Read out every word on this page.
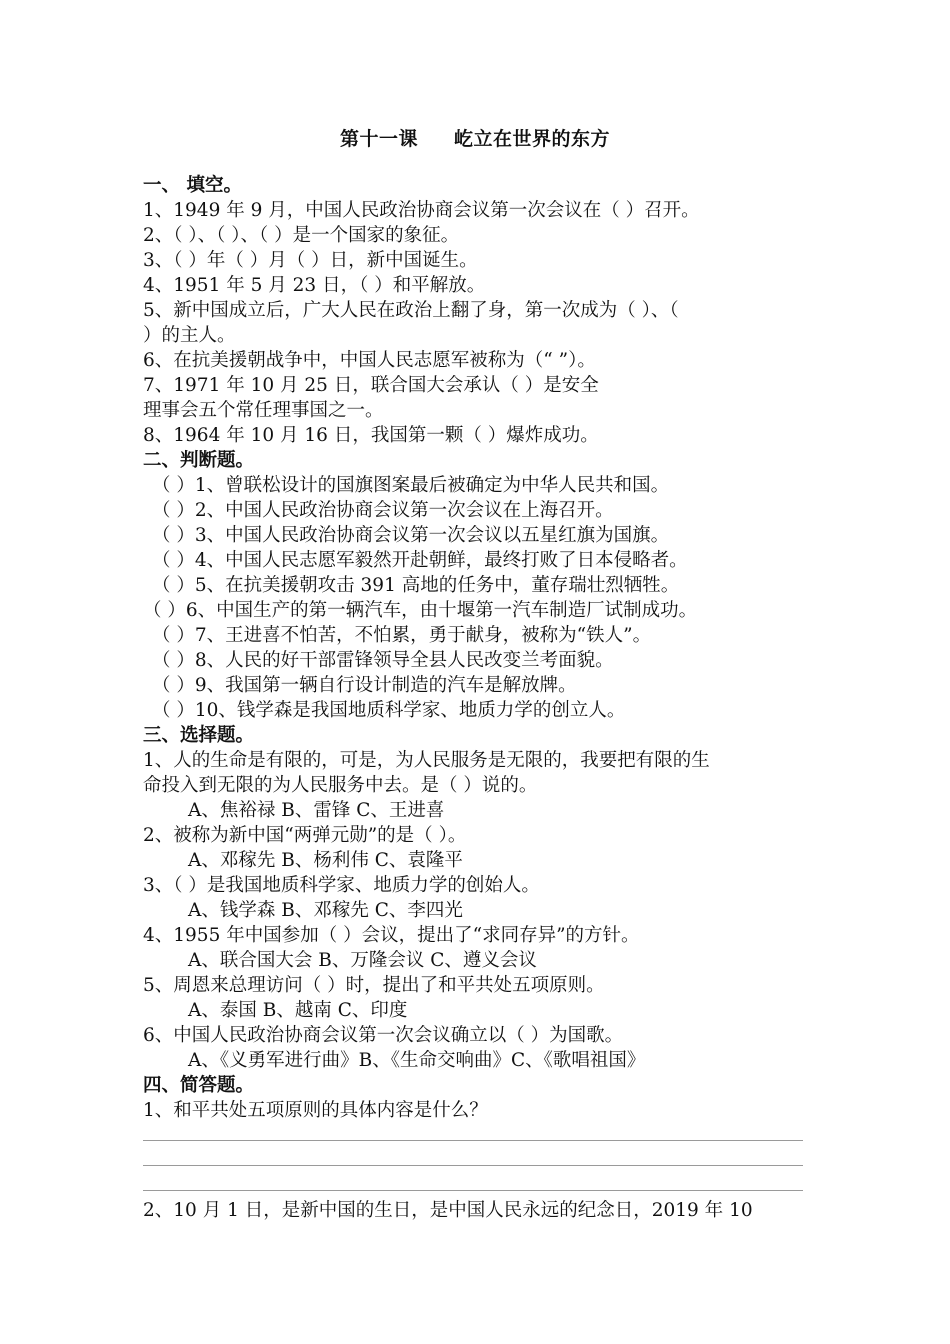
第十一课 屹立在世界的东方
一、 填空。
1、1949 年 9 月，中国人民政治协商会议第一次会议在（ ）召开。
2、（ ）、（ ）、（ ）是一个国家的象征。
3、（ ）年（ ）月（ ）日，新中国诞生。
4、1951 年 5 月 23 日，（ ）和平解放。
5、新中国成立后，广大人民在政治上翻了身，第一次成为（ ）、（
）的主人。
6、在抗美援朝战争中，中国人民志愿军被称为（“ ”）。
7、1971 年 10 月 25 日，联合国大会承认（ ）是安全
理事会五个常任理事国之一。
8、1964 年 10 月 16 日，我国第一颗（ ）爆炸成功。
二、判断题。
（ ）1、曾联松设计的国旗图案最后被确定为中华人民共和国。
（ ）2、中国人民政治协商会议第一次会议在上海召开。
（ ）3、中国人民政治协商会议第一次会议以五星红旗为国旗。
（ ）4、中国人民志愿军毅然开赴朝鲜，最终打败了日本侵略者。
（ ）5、在抗美援朝攻击 391 高地的任务中，董存瑞壮烈牺牲。
（ ）6、中国生产的第一辆汽车，由十堰第一汽车制造厂试制成功。
（ ）7、王进喜不怕苦，不怕累，勇于献身，被称为“铁人”。
（ ）8、人民的好干部雷锋领导全县人民改变兰考面貌。
（ ）9、我国第一辆自行设计制造的汽车是解放牌。
（ ）10、钱学森是我国地质科学家、地质力学的创立人。
三、选择题。
1、人的生命是有限的，可是，为人民服务是无限的，我要把有限的生
命投入到无限的为人民服务中去。是（ ）说的。
A、焦裕禄 B、雷锋 C、王进喜
2、被称为新中国“两弹元勋”的是（ ）。
A、邓稼先 B、杨利伟 C、袁隆平
3、（ ）是我国地质科学家、地质力学的创始人。
A、钱学森 B、邓稼先 C、李四光
4、1955 年中国参加（ ）会议，提出了“求同存异”的方针。
A、联合国大会 B、万隆会议 C、遵义会议
5、周恩来总理访问（ ）时，提出了和平共处五项原则。
A、泰国 B、越南 C、印度
6、中国人民政治协商会议第一次会议确立以（ ）为国歌。
A、《义勇军进行曲》B、《生命交响曲》C、《歌唱祖国》
四、简答题。
1、和平共处五项原则的具体内容是什么？
2、10 月 1 日，是新中国的生日，是中国人民永远的纪念日，2019 年 10
